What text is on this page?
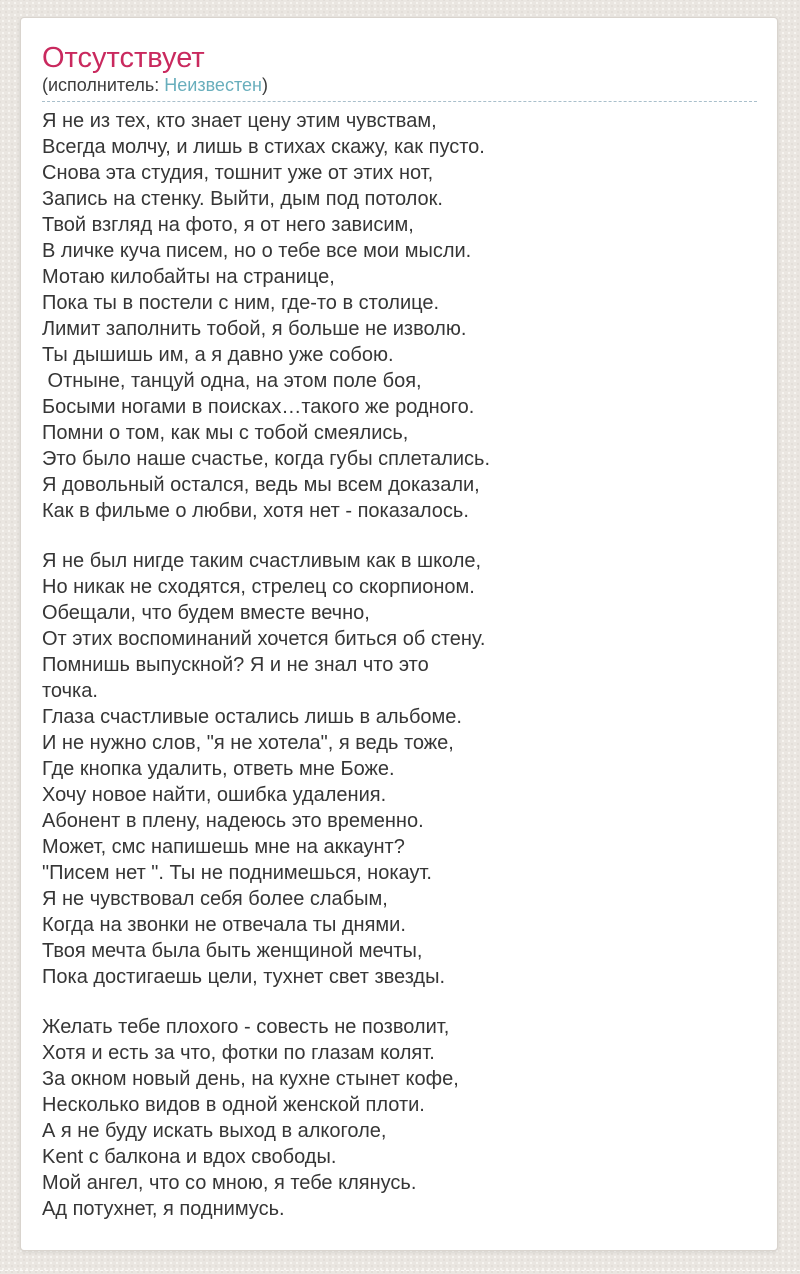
Отсутствует
(исполнитель: Неизвестен)
Я не из тех, кто знает цену этим чувствам,
Всегда молчу, и лишь в стихах скажу, как пусто.
Снова эта студия, тошнит уже от этих нот,
Запись на стенку. Выйти, дым под потолок.
Твой взгляд на фото, я от него зависим,
В личке куча писем, но о тебе все мои мысли.
Мотаю килобайты на странице,
Пока ты в постели с ним, где-то в столице.
Лимит заполнить тобой, я больше не изволю.
Ты дышишь им, а я давно уже собою.
Отныне, танцуй одна, на этом поле боя,
Босыми ногами в поисках…такого же родного.
Помни о том, как мы с тобой смеялись,
Это было наше счастье, когда губы сплетались.
Я довольный остался, ведь мы всем доказали,
Как в фильме о любви, хотя нет - показалось.
Я не был нигде таким счастливым как в школе,
Но никак не сходятся, стрелец со скорпионом.
Обещали, что будем вместе вечно,
От этих воспоминаний хочется биться об стену.
Помнишь выпускной? Я и не знал что это
точка.
Глаза счастливые остались лишь в альбоме.
И не нужно слов, "я не хотела", я ведь тоже,
Где кнопка удалить, ответь мне Боже.
Хочу новое найти, ошибка удаления.
Абонент в плену, надеюсь это временно.
Может, смс напишешь мне на аккаунт?
"Писем нет ". Ты не поднимешься, нокаут.
Я не чувствовал себя более слабым,
Когда на звонки не отвечала ты днями.
Твоя мечта была быть женщиной мечты,
Пока достигаешь цели, тухнет свет звезды.
Желать тебе плохого - совесть не позволит,
Хотя и есть за что, фотки по глазам колят.
За окном новый день, на кухне стынет кофе,
Несколько видов в одной женской плоти.
А я не буду искать выход в алкоголе,
Kent с балкона и вдох свободы.
Мой ангел, что со мною, я тебе клянусь.
Ад потухнет, я поднимусь.
